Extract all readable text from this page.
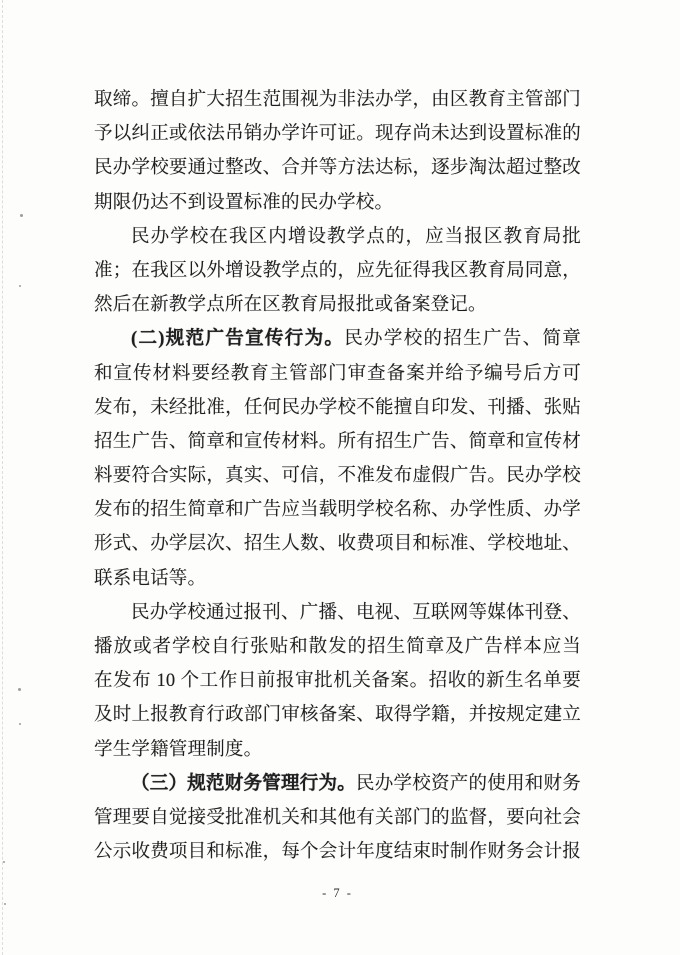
取缔。擅自扩大招生范围视为非法办学，由区教育主管部门
予以纠正或依法吊销办学许可证。现存尚未达到设置标准的
民办学校要通过整改、合并等方法达标，逐步淘汰超过整改
期限仍达不到设置标准的民办学校。
民办学校在我区内增设教学点的，应当报区教育局批
准；在我区以外增设教学点的，应先征得我区教育局同意，
然后在新教学点所在区教育局报批或备案登记。
(二)规范广告宣传行为。民办学校的招生广告、简章
和宣传材料要经教育主管部门审查备案并给予编号后方可
发布，未经批准，任何民办学校不能擅自印发、刊播、张贴
招生广告、简章和宣传材料。所有招生广告、简章和宣传材
料要符合实际，真实、可信，不准发布虚假广告。民办学校
发布的招生简章和广告应当载明学校名称、办学性质、办学
形式、办学层次、招生人数、收费项目和标准、学校地址、
联系电话等。
民办学校通过报刊、广播、电视、互联网等媒体刊登、
播放或者学校自行张贴和散发的招生简章及广告样本应当
在发布 10 个工作日前报审批机关备案。招收的新生名单要
及时上报教育行政部门审核备案、取得学籍，并按规定建立
学生学籍管理制度。
（三）规范财务管理行为。民办学校资产的使用和财务
管理要自觉接受批准机关和其他有关部门的监督，要向社会
公示收费项目和标准，每个会计年度结束时制作财务会计报
- 7 -
